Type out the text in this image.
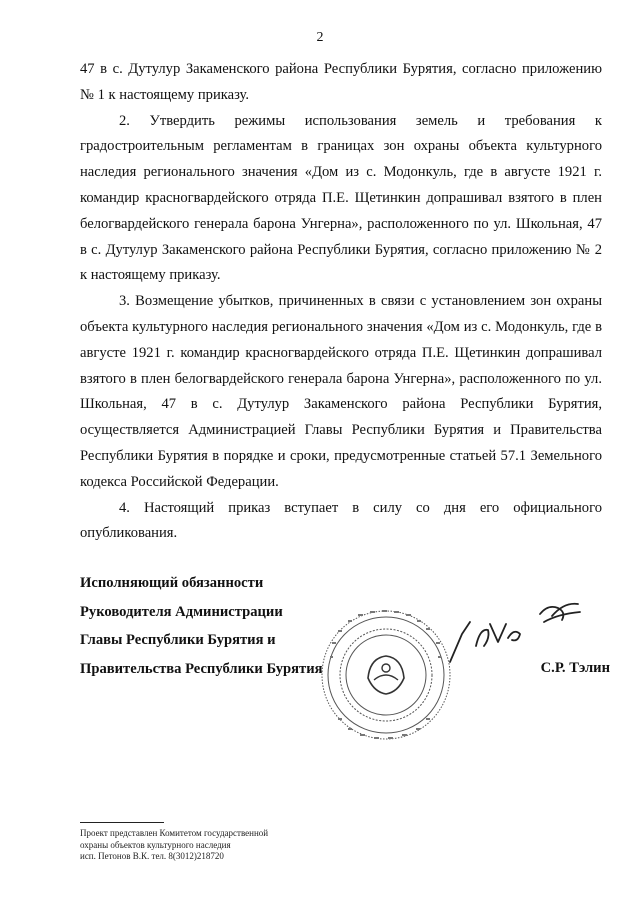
2

47 в с. Дутулур Закаменского района Республики Бурятия, согласно приложению № 1 к настоящему приказу.

2. Утвердить режимы использования земель и требования к градостроительным регламентам в границах зон охраны объекта культурного наследия регионального значения «Дом из с. Модонкуль, где в августе 1921 г. командир красногвардейского отряда П.Е. Щетинкин допрашивал взятого в плен белогвардейского генерала барона Унгерна», расположенного по ул. Школьная, 47 в с. Дутулур Закаменского района Республики Бурятия, согласно приложению № 2 к настоящему приказу.

3. Возмещение убытков, причиненных в связи с установлением зон охраны объекта культурного наследия регионального значения «Дом из с. Модонкуль, где в августе 1921 г. командир красногвардейского отряда П.Е. Щетинкин допрашивал взятого в плен белогвардейского генерала барона Унгерна», расположенного по ул. Школьная, 47 в с. Дутулур Закаменского района Республики Бурятия, осуществляется Администрацией Главы Республики Бурятия и Правительства Республики Бурятия в порядке и сроки, предусмотренные статьей 57.1 Земельного кодекса Российской Федерации.

4. Настоящий приказ вступает в силу со дня его официального опубликования.

Исполняющий обязанности
Руководителя Администрации
Главы Республики Бурятия и
Правительства Республики Бурятия	С.Р. Тэлин
Проект представлен Комитетом государственной
охраны объектов культурного наследия
исп. Петонов В.К. тел. 8(3012)218720
